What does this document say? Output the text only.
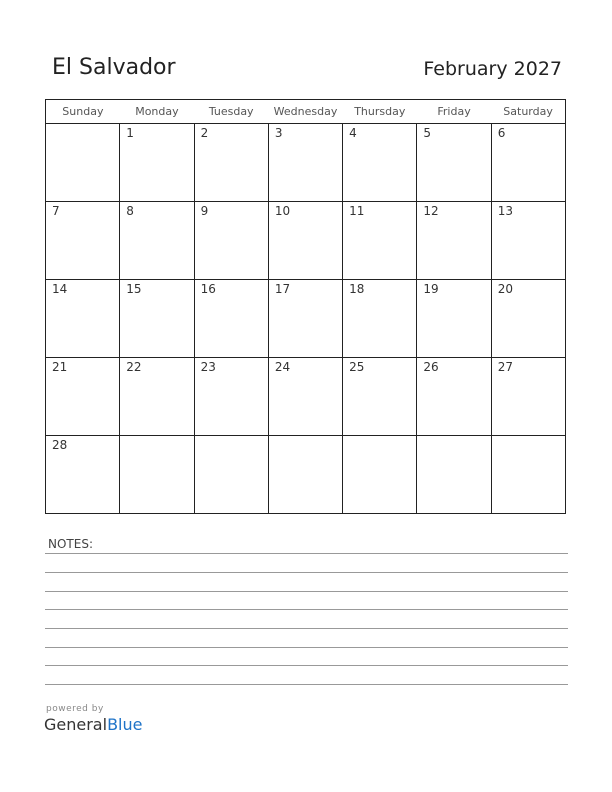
El Salvador	February 2027
Sunday	Monday	Tuesday	Wednesday	Thursday	Friday	Saturday

	1	2	3	4	5	6

7	8	9	10	11	12	13

14	15	16	17	18	19	20

21	22	23	24	25	26	27

28						

NOTES:
powered by
GeneralBlue
